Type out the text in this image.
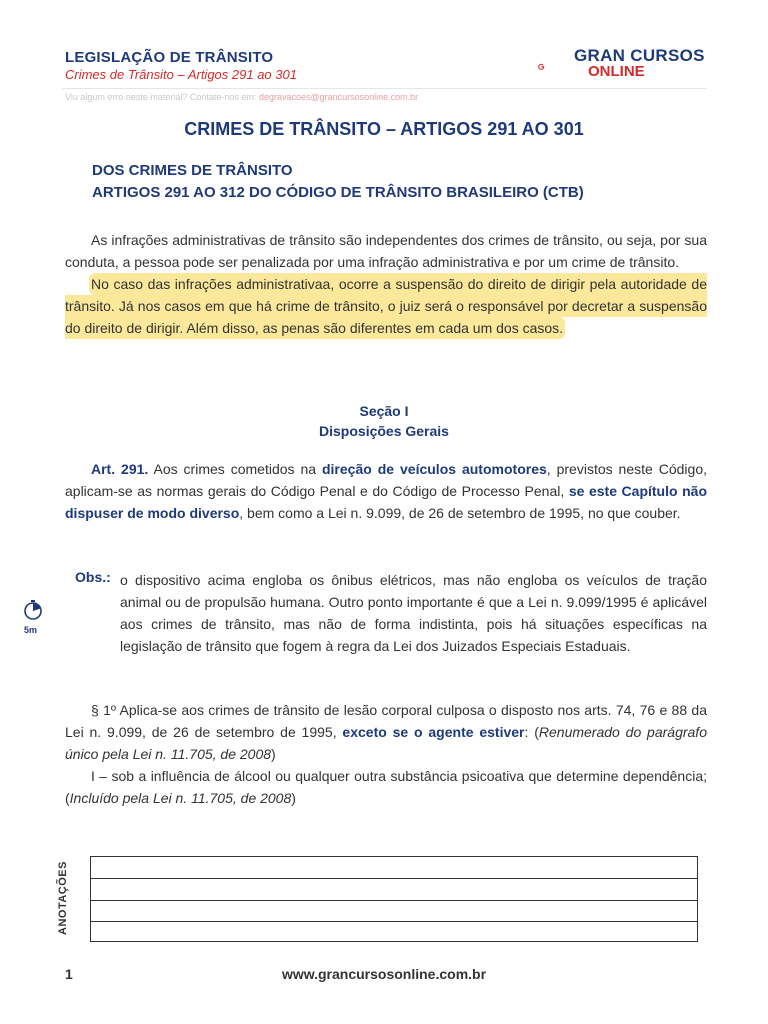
LEGISLAÇÃO DE TRÂNSITO
Crimes de Trânsito – Artigos 291 ao 301
Viu algum erro neste material? Contate-nos em: degravacoes@grancursosonline.com.br
GRAN CURSOS
ONLINE
CRIMES DE TRÂNSITO – ARTIGOS 291 AO 301
DOS CRIMES DE TRÂNSITO
ARTIGOS 291 AO 312 DO CÓDIGO DE TRÂNSITO BRASILEIRO (CTB)

As infrações administrativas de trânsito são independentes dos crimes de trânsito, ou seja, por sua conduta, a pessoa pode ser penalizada por uma infração administrativa e por um crime de trânsito.

No caso das infrações administrativaa, ocorre a suspensão do direito de dirigir pela autoridade de trânsito. Já nos casos em que há crime de trânsito, o juiz será o responsável por decretar a suspensão do direito de dirigir. Além disso, as penas são diferentes em cada um dos casos.

Seção I
Disposições Gerais

Art. 291. Aos crimes cometidos na direção de veículos automotores, previstos neste Código, aplicam-se as normas gerais do Código Penal e do Código de Processo Penal, se este Capítulo não dispuser de modo diverso, bem como a Lei n. 9.099, de 26 de setembro de 1995, no que couber.

Obs.: o dispositivo acima engloba os ônibus elétricos, mas não engloba os veículos de tração animal ou de propulsão humana. Outro ponto importante é que a Lei n. 9.099/1995 é aplicável aos crimes de trânsito, mas não de forma indistinta, pois há situações específicas na legislação de trânsito que fogem à regra da Lei dos Juizados Especiais Estaduais.
5m

§ 1º Aplica-se aos crimes de trânsito de lesão corporal culposa o disposto nos arts. 74, 76 e 88 da Lei n. 9.099, de 26 de setembro de 1995, exceto se o agente estiver: (Renumerado do parágrafo único pela Lei n. 11.705, de 2008)

I – sob a influência de álcool ou qualquer outra substância psicoativa que determine dependência; (Incluído pela Lei n. 11.705, de 2008)

ANOTAÇÕES
1	www.grancursosonline.com.br
